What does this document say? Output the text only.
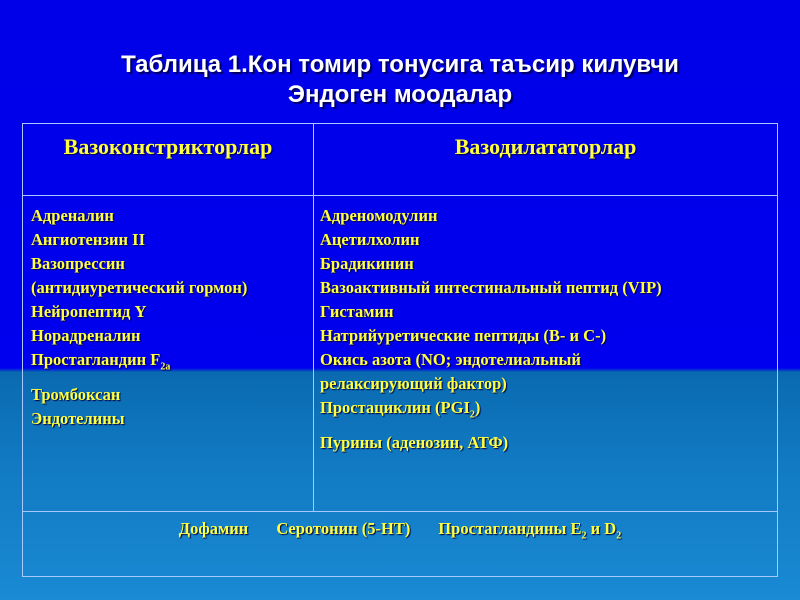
Таблица 1.Кон томир тонусига таъсир килувчи
Эндоген моодалар
Вазоконстрикторлар	Вазодилататорлар
Адреналин
Ангиотензин II
Вазопрессин
(антидиуретический гормон)
Нейропептид Y
Норадреналин
Простагландин $F_{2a}$
Тромбоксан
Эндотелины
Адреномодулин
Ацетилхолин
Брадикинин
Вазоактивный интестинальный пептид (VIP)
Гистамин
Натрийуретические пептиды (В- и С-)
Окись азота (NO; эндотелиальный
релаксирующий фактор)
Простациклин $(PGI_2)$
Пурины (аденозин, АТФ)
Дофамин Серотонин (5-НТ) Простагландины $Е_2$ и $D_2$
